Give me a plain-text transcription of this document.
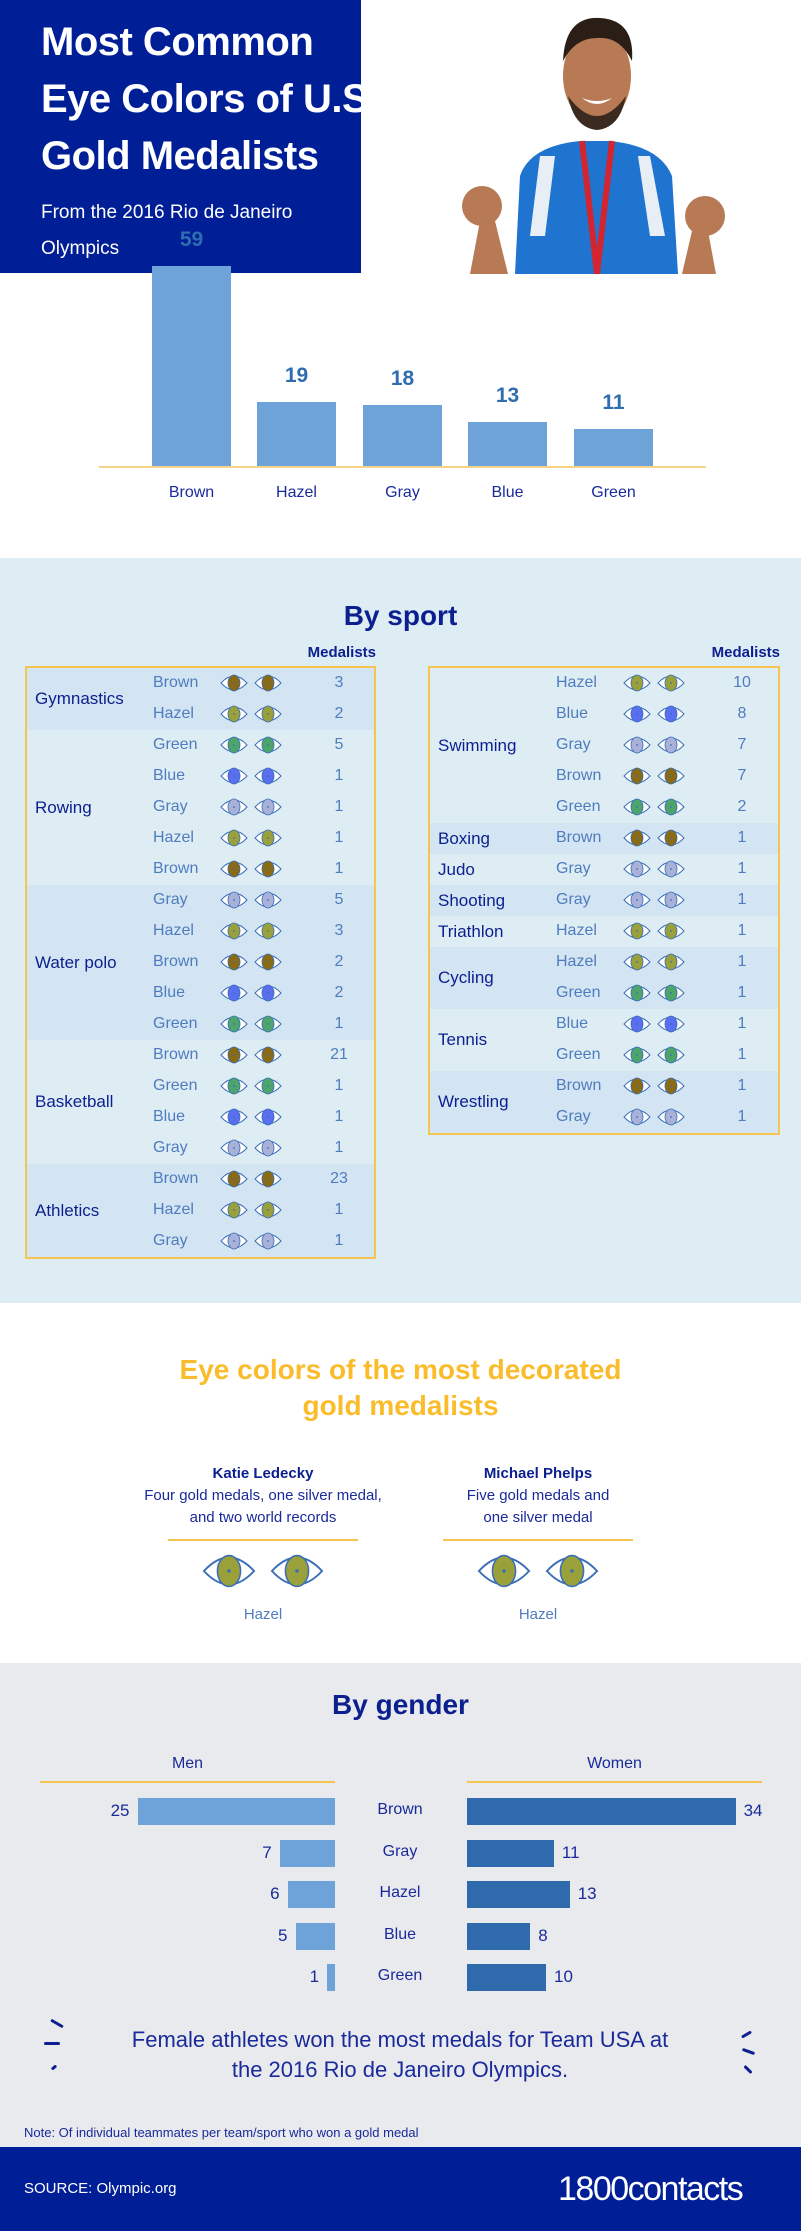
Most Common
Eye Colors of U.S.
Gold Medalists
From the 2016 Rio de Janeiro
Olympics	59
Brown
19
Hazel
18
Gray
13
Blue
11
Green
By sport
Medalists	Medalists
Gymnastics
Brown	3
Hazel	2
Rowing
Green	5
Blue	1
Gray	1
Hazel	1
Brown	1
Water polo
Gray	5
Hazel	3
Brown	2
Blue	2
Green	1
Basketball
Brown	21
Green	1
Blue	1
Gray	1
Athletics
Brown	23
Hazel	1
Gray	1
Swimming
Hazel	10
Blue	8
Gray	7
Brown	7
Green	2
Boxing	Brown	1
Judo	Gray	1
Shooting	Gray	1
Triathlon	Hazel	1
Cycling
Hazel	1
Green	1
Tennis
Blue	1
Green	1
Wrestling
Brown	1
Gray	1
Eye colors of the most decorated
gold medalists
Katie Ledecky
Four gold medals, one silver medal,
and two world records
Hazel
Michael Phelps
Five gold medals and
one silver medal
Hazel
By gender
Men	Women
25	34
Brown
7	11
Gray
6	13
Hazel
5	8
Blue
1	10
Green
Female athletes won the most medals for Team USA at
the 2016 Rio de Janeiro Olympics.
Note: Of individual teammates per team/sport who won a gold medal
SOURCE: Olympic.org	1800contacts
